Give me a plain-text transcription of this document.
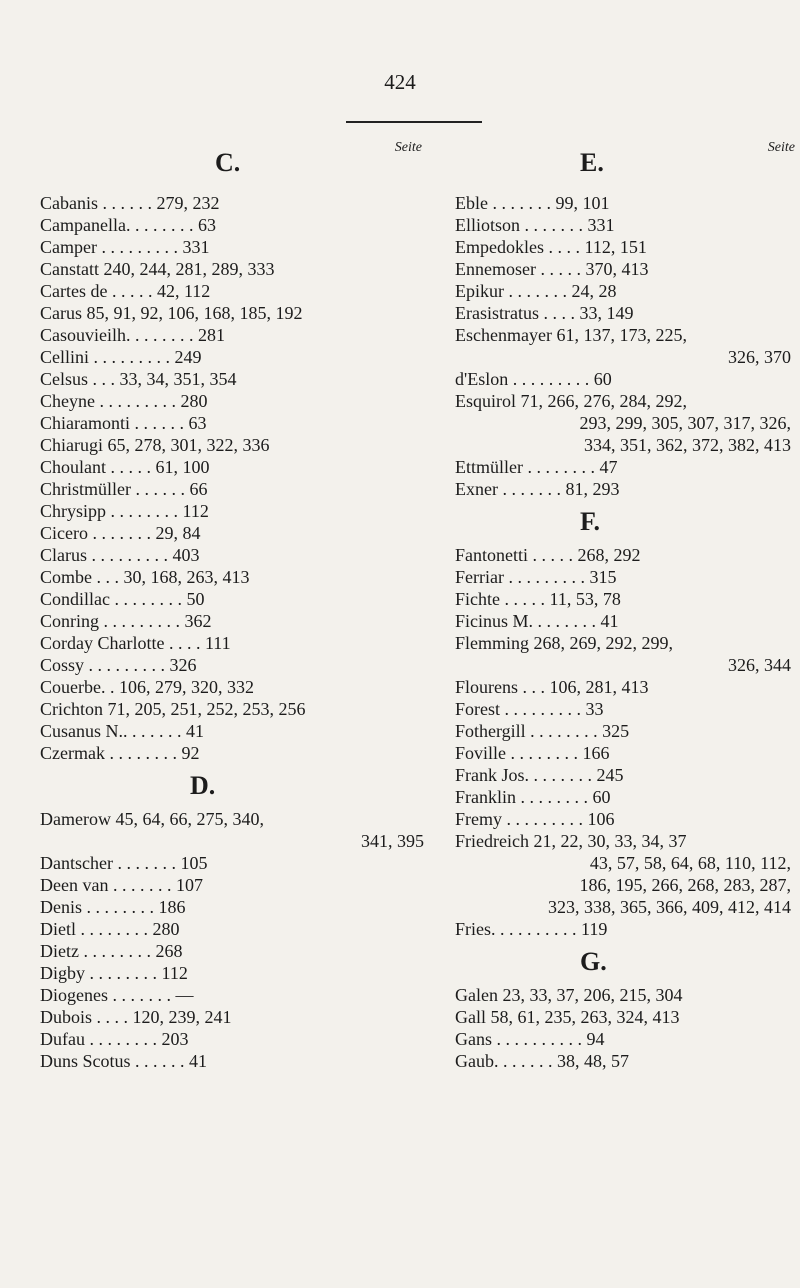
424
C.
Seite
Cabanis . . . . . . 279, 232
Campanella. . . . . . . . 63
Camper . . . . . . . . . 331
Canstatt 240, 244, 281, 289, 333
Cartes de . . . . . 42, 112
Carus 85, 91, 92, 106, 168, 185, 192
Casouvieilh. . . . . . . . 281
Cellini . . . . . . . . . 249
Celsus . . . 33, 34, 351, 354
Cheyne . . . . . . . . . 280
Chiaramonti . . . . . . 63
Chiarugi 65, 278, 301, 322, 336
Choulant . . . . . 61, 100
Christmüller . . . . . . 66
Chrysipp . . . . . . . . 112
Cicero . . . . . . . 29, 84
Clarus . . . . . . . . . 403
Combe . . . 30, 168, 263, 413
Condillac . . . . . . . . 50
Conring . . . . . . . . . 362
Corday Charlotte . . . . 111
Cossy . . . . . . . . . 326
Couerbe. . 106, 279, 320, 332
Crichton 71, 205, 251, 252, 253, 256
Cusanus N.. . . . . . . 41
Czermak . . . . . . . . 92
D.
Damerow 45, 64, 66, 275, 340,
341, 395
Dantscher . . . . . . . 105
Deen van . . . . . . . 107
Denis . . . . . . . . 186
Dietl . . . . . . . . 280
Dietz . . . . . . . . 268
Digby . . . . . . . . 112
Diogenes . . . . . . . —
Dubois . . . . 120, 239, 241
Dufau . . . . . . . . 203
Duns Scotus . . . . . . 41
E.
Seite
Eble . . . . . . . 99, 101
Elliotson . . . . . . . 331
Empedokles . . . . 112, 151
Ennemoser . . . . . 370, 413
Epikur . . . . . . . 24, 28
Erasistratus . . . . 33, 149
Eschenmayer 61, 137, 173, 225,
326, 370
d'Eslon . . . . . . . . . 60
Esquirol 71, 266, 276, 284, 292,
293, 299, 305, 307, 317, 326,
334, 351, 362, 372, 382, 413
Ettmüller . . . . . . . . 47
Exner . . . . . . . 81, 293
F.
Fantonetti . . . . . 268, 292
Ferriar . . . . . . . . . 315
Fichte . . . . . 11, 53, 78
Ficinus M. . . . . . . . 41
Flemming 268, 269, 292, 299,
326, 344
Flourens . . . 106, 281, 413
Forest . . . . . . . . . 33
Fothergill . . . . . . . . 325
Foville . . . . . . . . 166
Frank Jos. . . . . . . . 245
Franklin . . . . . . . . 60
Fremy . . . . . . . . . 106
Friedreich 21, 22, 30, 33, 34, 37
43, 57, 58, 64, 68, 110, 112,
186, 195, 266, 268, 283, 287,
323, 338, 365, 366, 409, 412, 414
Fries. . . . . . . . . . 119
G.
Galen 23, 33, 37, 206, 215, 304
Gall 58, 61, 235, 263, 324, 413
Gans . . . . . . . . . . 94
Gaub. . . . . . . 38, 48, 57
